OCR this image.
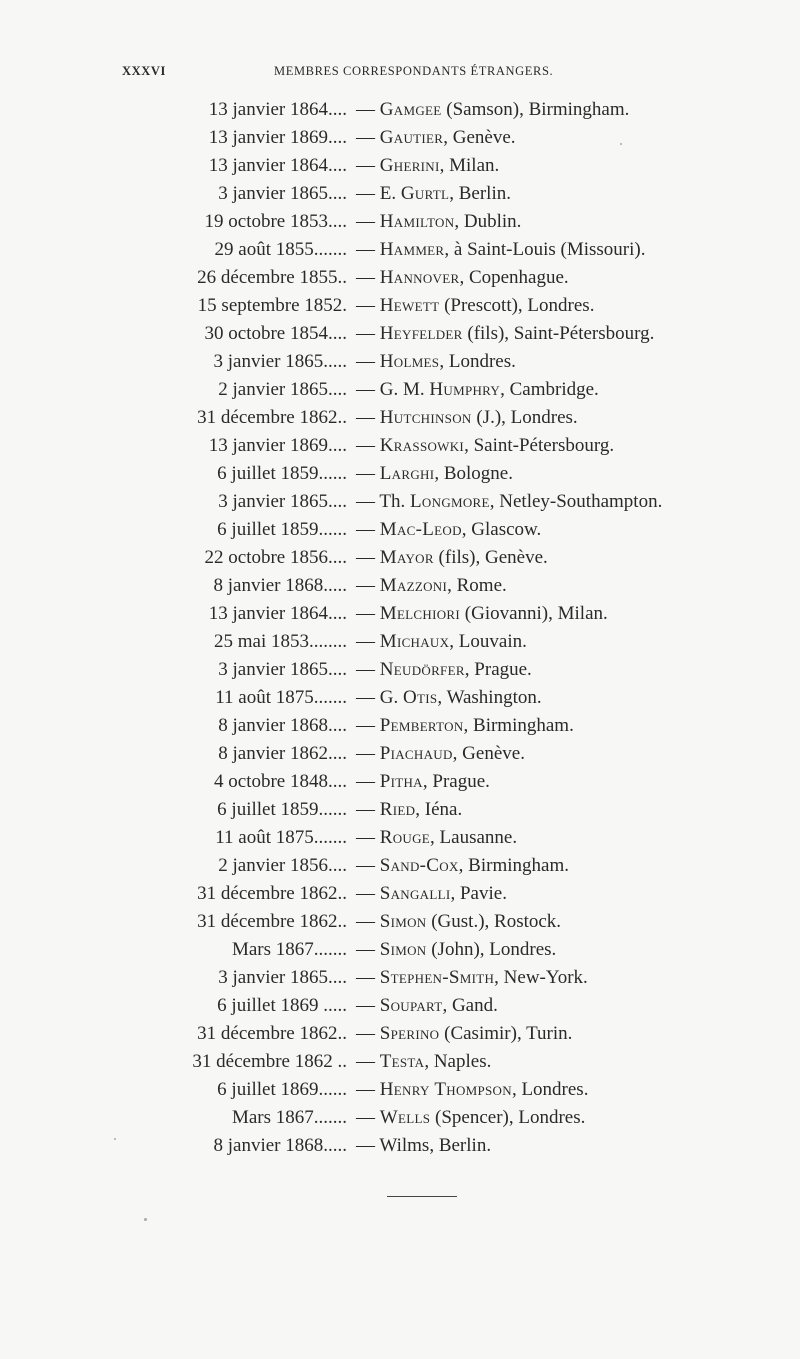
XXXVI	MEMBRES CORRESPONDANTS ÉTRANGERS.
13 janvier 1864.... — Gamgee (Samson), Birmingham.
13 janvier 1869.... — Gautier, Genève.
13 janvier 1864.... — Gherini, Milan.
3 janvier 1865.... — E. Gurtl, Berlin.
19 octobre 1853.... — Hamilton, Dublin.
29 août 1855....... — Hammer, à Saint-Louis (Missouri).
26 décembre 1855.. — Hannover, Copenhague.
15 septembre 1852. — Hewett (Prescott), Londres.
30 octobre 1854.... — Heyfelder (fils), Saint-Pétersbourg.
3 janvier 1865..... — Holmes, Londres.
2 janvier 1865.... — G. M. Humphry, Cambridge.
31 décembre 1862.. — Hutchinson (J.), Londres.
13 janvier 1869.... — Krassowki, Saint-Pétersbourg.
6 juillet 1859...... — Larghi, Bologne.
3 janvier 1865.... — Th. Longmore, Netley-Southampton.
6 juillet 1859...... — Mac-Leod, Glascow.
22 octobre 1856.... — Mayor (fils), Genève.
8 janvier 1868..... — Mazzoni, Rome.
13 janvier 1864.... — Melchiori (Giovanni), Milan.
25 mai 1853........ — Michaux, Louvain.
3 janvier 1865.... — Neudörfer, Prague.
11 août 1875....... — G. Otis, Washington.
8 janvier 1868.... — Pemberton, Birmingham.
8 janvier 1862.... — Piachaud, Genève.
4 octobre 1848.... — Pitha, Prague.
6 juillet 1859...... — Ried, Iéna.
11 août 1875....... — Rouge, Lausanne.
2 janvier 1856.... — Sand-Cox, Birmingham.
31 décembre 1862.. — Sangalli, Pavie.
31 décembre 1862.. — Simon (Gust.), Rostock.
Mars 1867....... — Simon (John), Londres.
3 janvier 1865.... — Stephen-Smith, New-York.
6 juillet 1869 ..... — Soupart, Gand.
31 décembre 1862.. — Sperino (Casimir), Turin.
31 décembre 1862 .. — Testa, Naples.
6 juillet 1869...... — Henry Thompson, Londres.
Mars 1867....... — Wells (Spencer), Londres.
8 janvier 1868..... — Wilms, Berlin.
